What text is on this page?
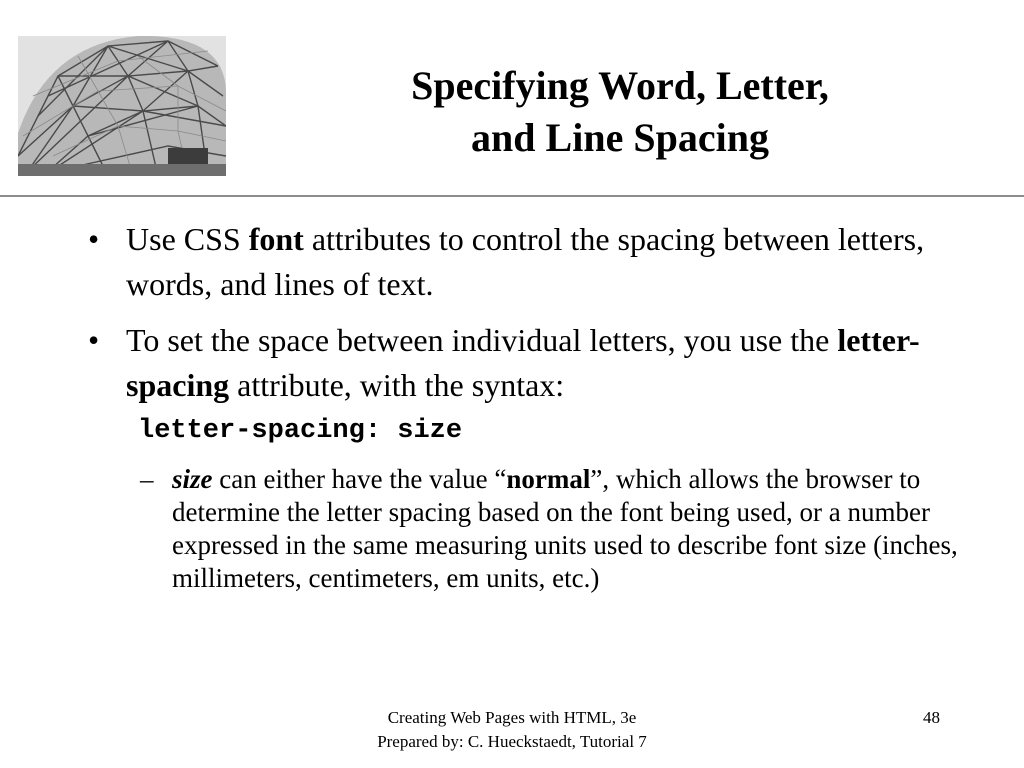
Specifying Word, Letter,
and Line Spacing
• Use CSS font attributes to control the spacing between letters, words, and lines of text.
• To set the space between individual letters, you use the letter-spacing attribute, with the syntax:
letter-spacing: size
– size can either have the value “normal”, which allows the browser to determine the letter spacing based on the font being used, or a number expressed in the same measuring units used to describe font size (inches, millimeters, centimeters, em units, etc.)
Creating Web Pages with HTML, 3e
Prepared by: C. Hueckstaedt, Tutorial 7
48
